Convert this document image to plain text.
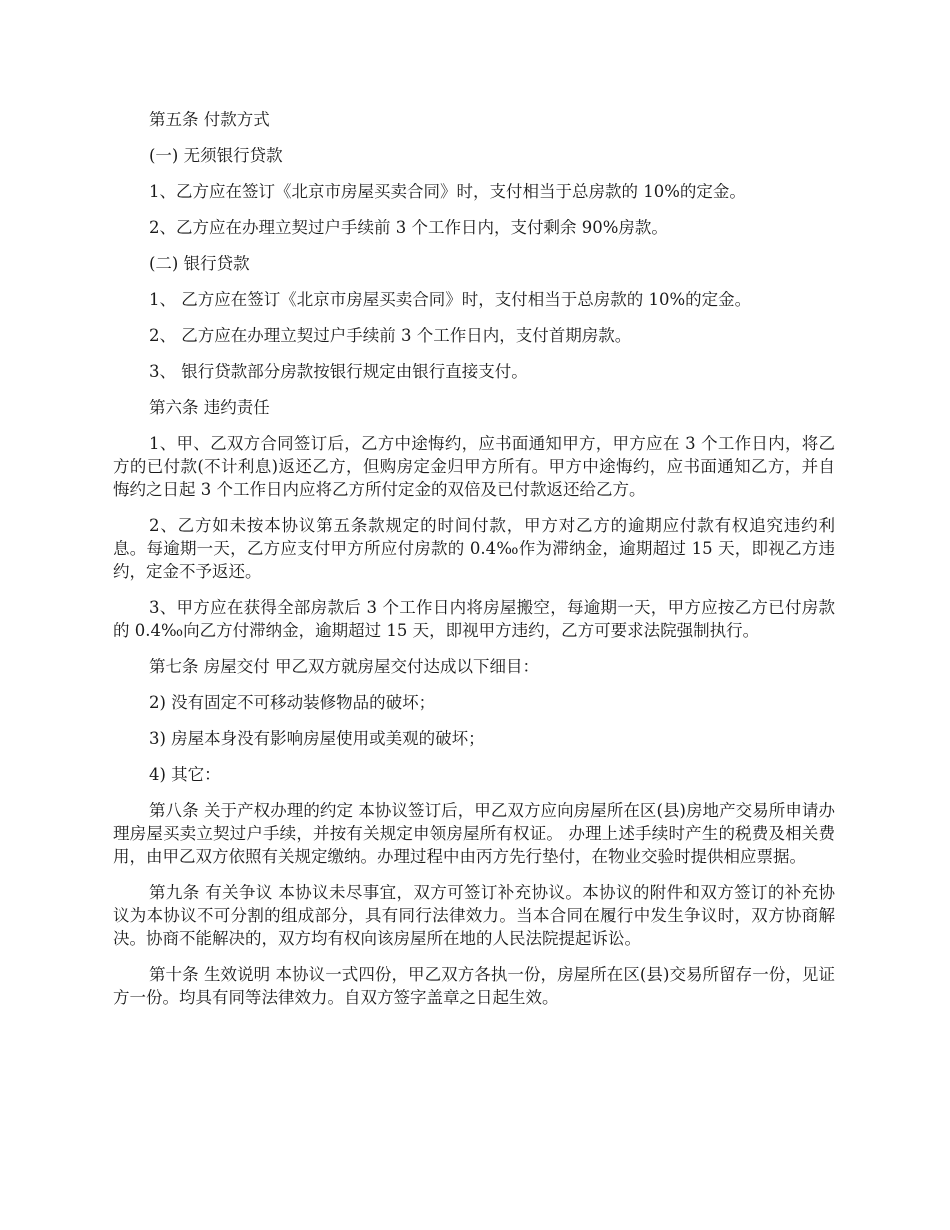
第五条 付款方式

(一) 无须银行贷款

1、乙方应在签订《北京市房屋买卖合同》时，支付相当于总房款的 10%的定金。

2、乙方应在办理立契过户手续前 3 个工作日内，支付剩余 90%房款。

(二) 银行贷款

1、 乙方应在签订《北京市房屋买卖合同》时，支付相当于总房款的 10%的定金。

2、 乙方应在办理立契过户手续前 3 个工作日内，支付首期房款。

3、 银行贷款部分房款按银行规定由银行直接支付。

第六条 违约责任

1、甲、乙双方合同签订后，乙方中途悔约，应书面通知甲方，甲方应在 3 个工作日内，将乙方的已付款(不计利息)返还乙方，但购房定金归甲方所有。甲方中途悔约，应书面通知乙方，并自悔约之日起 3 个工作日内应将乙方所付定金的双倍及已付款返还给乙方。

2、乙方如未按本协议第五条款规定的时间付款，甲方对乙方的逾期应付款有权追究违约利息。每逾期一天，乙方应支付甲方所应付房款的 0.4‰作为滞纳金，逾期超过 15 天，即视乙方违约，定金不予返还。

3、甲方应在获得全部房款后 3 个工作日内将房屋搬空，每逾期一天，甲方应按乙方已付房款的 0.4‰向乙方付滞纳金，逾期超过 15 天，即视甲方违约，乙方可要求法院强制执行。

第七条 房屋交付 甲乙双方就房屋交付达成以下细目：

2) 没有固定不可移动装修物品的破坏；

3) 房屋本身没有影响房屋使用或美观的破坏；

4) 其它：

第八条 关于产权办理的约定 本协议签订后，甲乙双方应向房屋所在区(县)房地产交易所申请办理房屋买卖立契过户手续，并按有关规定申领房屋所有权证。 办理上述手续时产生的税费及相关费用，由甲乙双方依照有关规定缴纳。办理过程中由丙方先行垫付，在物业交验时提供相应票据。

第九条 有关争议 本协议未尽事宜，双方可签订补充协议。本协议的附件和双方签订的补充协议为本协议不可分割的组成部分，具有同行法律效力。当本合同在履行中发生争议时，双方协商解决。协商不能解决的，双方均有权向该房屋所在地的人民法院提起诉讼。

第十条 生效说明 本协议一式四份，甲乙双方各执一份，房屋所在区(县)交易所留存一份，见证方一份。均具有同等法律效力。自双方签字盖章之日起生效。
